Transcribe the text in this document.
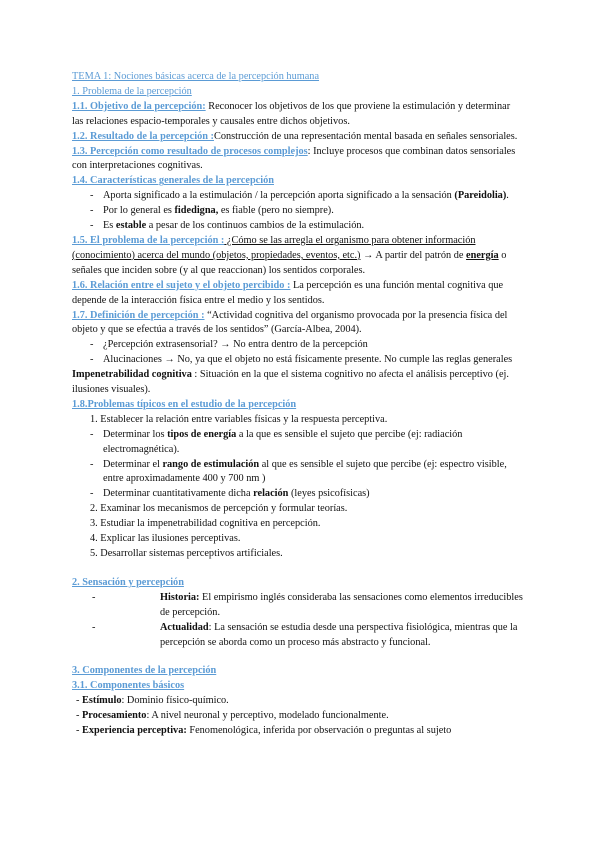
TEMA 1: Nociones básicas acerca de la percepción humana

1. Problema de la percepción

1.1. Objetivo de la percepción: Reconocer los objetivos de los que proviene la estimulación y determinar las relaciones espacio-temporales y causales entre dichos objetivos.

1.2. Resultado de la percepción :Construcción de una representación mental basada en señales sensoriales.

1.3. Percepción como resultado de procesos complejos: Incluye procesos que combinan datos sensoriales con interpretaciones cognitivas.

1.4. Características generales de la percepción

- Aporta significado a la estimulación / la percepción aporta significado a la sensación (Pareidolia).

- Por lo general es fidedigna, es fiable (pero no siempre).

- Es estable a pesar de los continuos cambios de la estimulación.

1.5. El problema de la percepción : ¿Cómo se las arregla el organismo para obtener información (conocimiento) acerca del mundo (objetos, propiedades, eventos, etc.) → A partir del patrón de energía o señales que inciden sobre (y al que reaccionan) los sentidos corporales.

1.6. Relación entre el sujeto y el objeto percibido : La percepción es una función mental cognitiva que depende de la interacción física entre el medio y los sentidos.

1.7. Definición de percepción : “Actividad cognitiva del organismo provocada por la presencia física del objeto y que se efectúa a través de los sentidos” (García-Albea, 2004).

- ¿Percepción extrasensorial? → No entra dentro de la percepción

- Alucinaciones → No, ya que el objeto no está físicamente presente. No cumple las reglas generales

Impenetrabilidad cognitiva : Situación en la que el sistema cognitivo no afecta el análisis perceptivo (ej. ilusiones visuales).

1.8.Problemas típicos en el estudio de la percepción

1. Establecer la relación entre variables físicas y la respuesta perceptiva.

- Determinar los tipos de energía a la que es sensible el sujeto que percibe (ej: radiación electromagnética).

- Determinar el rango de estimulación al que es sensible el sujeto que percibe (ej: espectro visible, entre aproximadamente 400 y 700 nm )

- Determinar cuantitativamente dicha relación (leyes psicofísicas)

2. Examinar los mecanismos de percepción y formular teorías.

3. Estudiar la impenetrabilidad cognitiva en percepción.

4. Explicar las ilusiones perceptivas.

5. Desarrollar sistemas perceptivos artificiales.

2. Sensación y percepción

-	Historia: El empirismo inglés consideraba las sensaciones como elementos irreducibles de percepción.

-	Actualidad: La sensación se estudia desde una perspectiva fisiológica, mientras que la percepción se aborda como un proceso más abstracto y funcional.

3. Componentes de la percepción

3.1. Componentes básicos

- Estímulo: Dominio físico-químico.

- Procesamiento: A nivel neuronal y perceptivo, modelado funcionalmente.

- Experiencia perceptiva: Fenomenológica, inferida por observación o preguntas al sujeto
